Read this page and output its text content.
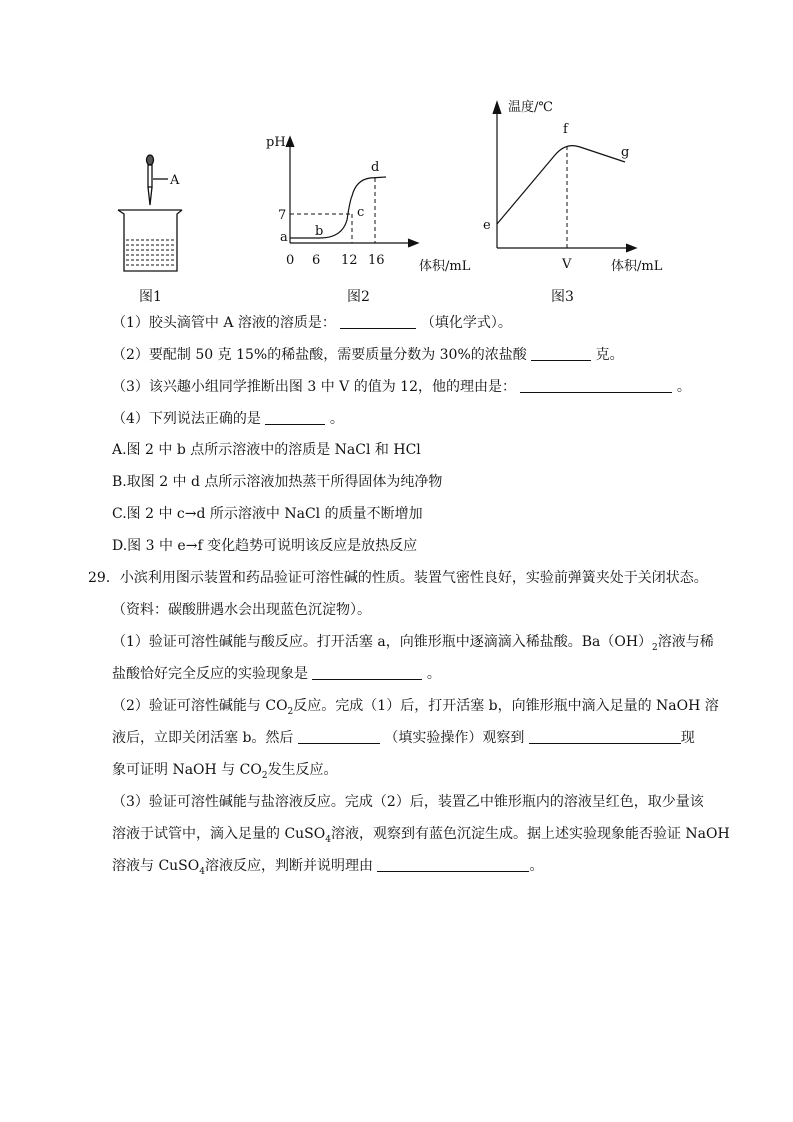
A
pH
7
a b
c
d
0 6 12 16	体积/mL
温度/℃
f
g
e
V	体积/mL
图1	图2	图3
（1）胶头滴管中 A 溶液的溶质是：	（填化学式）。
（2）要配制 50 克 15%的稀盐酸，需要质量分数为 30%的浓盐酸	克。
（3）该兴趣小组同学推断出图 3 中 V 的值为 12，他的理由是：	。
（4）下列说法正确的是	。
A.图 2 中 b 点所示溶液中的溶质是 NaCl 和 HCl
B.取图 2 中 d 点所示溶液加热蒸干所得固体为纯净物
C.图 2 中 c→d 所示溶液中 NaCl 的质量不断增加
D.图 3 中 e→f 变化趋势可说明该反应是放热反应
29．小滨利用图示装置和药品验证可溶性碱的性质。装置气密性良好，实验前弹簧夹处于关闭状态。
（资料：碳酸肼遇水会出现蓝色沉淀物）。
（1）验证可溶性碱能与酸反应。打开活塞 a，向锥形瓶中逐滴滴入稀盐酸。$Ba(OH)_2$溶液与稀
盐酸恰好完全反应的实验现象是	。
（2）验证可溶性碱能与 $CO_2$反应。完成（1）后，打开活塞 b，向锥形瓶中滴入足量的 NaOH 溶
液后，立即关闭活塞 b。然后	（填实验操作）观察到	现
象可证明 NaOH 与 $CO_2$发生反应。
（3）验证可溶性碱能与盐溶液反应。完成（2）后，装置乙中锥形瓶内的溶液呈红色，取少量该
溶液于试管中，滴入足量的 CuSO$_4$溶液，观察到有蓝色沉淀生成。据上述实验现象能否验证 NaOH
溶液与 CuSO$_4$溶液反应，判断并说明理由	。
